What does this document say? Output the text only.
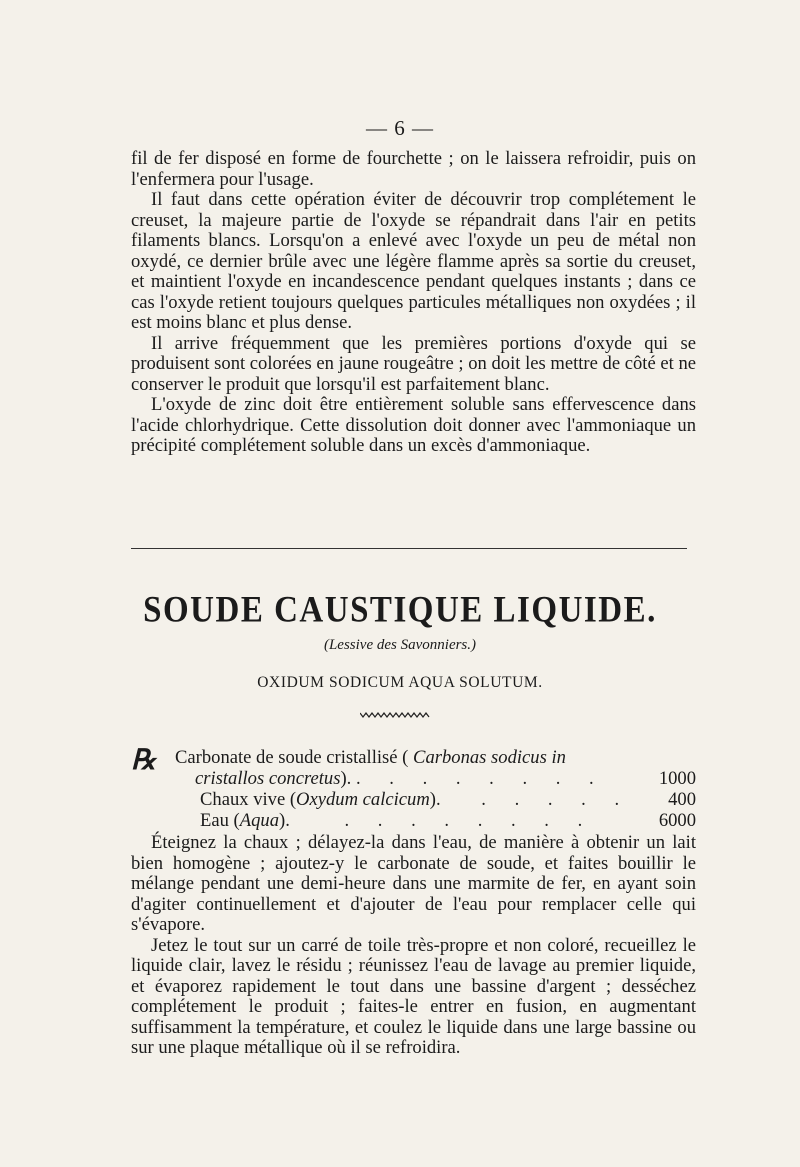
— 6 —

fil de fer disposé en forme de fourchette ; on le laissera refroidir, puis on l'enfermera pour l'usage.

Il faut dans cette opération éviter de découvrir trop complétement le creuset, la majeure partie de l'oxyde se répandrait dans l'air en petits filaments blancs. Lorsqu'on a enlevé avec l'oxyde un peu de métal non oxydé, ce dernier brûle avec une légère flamme après sa sortie du creuset, et maintient l'oxyde en incandescence pendant quelques instants ; dans ce cas l'oxyde retient toujours quelques particules métalliques non oxydées ; il est moins blanc et plus dense.

Il arrive fréquemment que les premières portions d'oxyde qui se produisent sont colorées en jaune rougeâtre ; on doit les mettre de côté et ne conserver le produit que lorsqu'il est parfaitement blanc.

L'oxyde de zinc doit être entièrement soluble sans effervescence dans l'acide chlorhydrique. Cette dissolution doit donner avec l'ammoniaque un précipité complétement soluble dans un excès d'ammoniaque.

SOUDE CAUSTIQUE LIQUIDE.
(Lessive des Savonniers.)
OXIDUM SODICUM AQUA SOLUTUM.
℞ Carbonate de soude cristallisé ( Carbonas sodicus in
cristallos concretus). . . . . . . . .	1000
Chaux vive (Oxydum calcicum). . . . . . 400
Eau (Aqua).	. . . . . . . .	6000

Éteignez la chaux ; délayez-la dans l'eau, de manière à obtenir un lait bien homogène ; ajoutez-y le carbonate de soude, et faites bouillir le mélange pendant une demi-heure dans une marmite de fer, en ayant soin d'agiter continuellement et d'ajouter de l'eau pour remplacer celle qui s'évapore.

Jetez le tout sur un carré de toile très-propre et non coloré, recueillez le liquide clair, lavez le résidu ; réunissez l'eau de lavage au premier liquide, et évaporez rapidement le tout dans une bassine d'argent ; desséchez complétement le produit ; faites-le entrer en fusion, en augmentant suffisamment la température, et coulez le liquide dans une large bassine ou sur une plaque métallique où il se refroidira.
